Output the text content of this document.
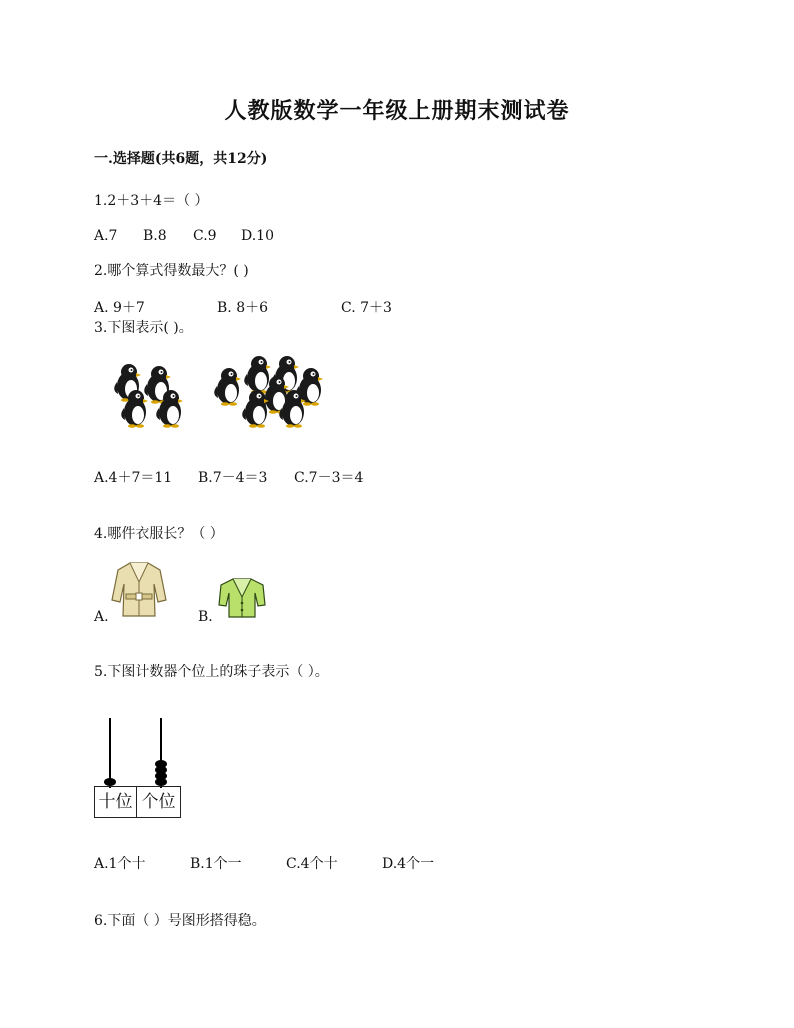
人教版数学一年级上册期末测试卷
一.选择题(共6题，共12分)
1.2＋3＋4＝（ ）
A.7 B.8 C.9 D.10
2.哪个算式得数最大？( )
A. 9＋7	B. 8＋6	C. 7＋3
3.下图表示( )。
A.4＋7＝11 B.7－4＝3 C.7－3＝4
4.哪件衣服长？（ ）
A.	B.
5.下图计数器个位上的珠子表示（ ）。
十位 个位
A.1个十	B.1个一	C.4个十	D.4个一
6.下面（ ）号图形搭得稳。
